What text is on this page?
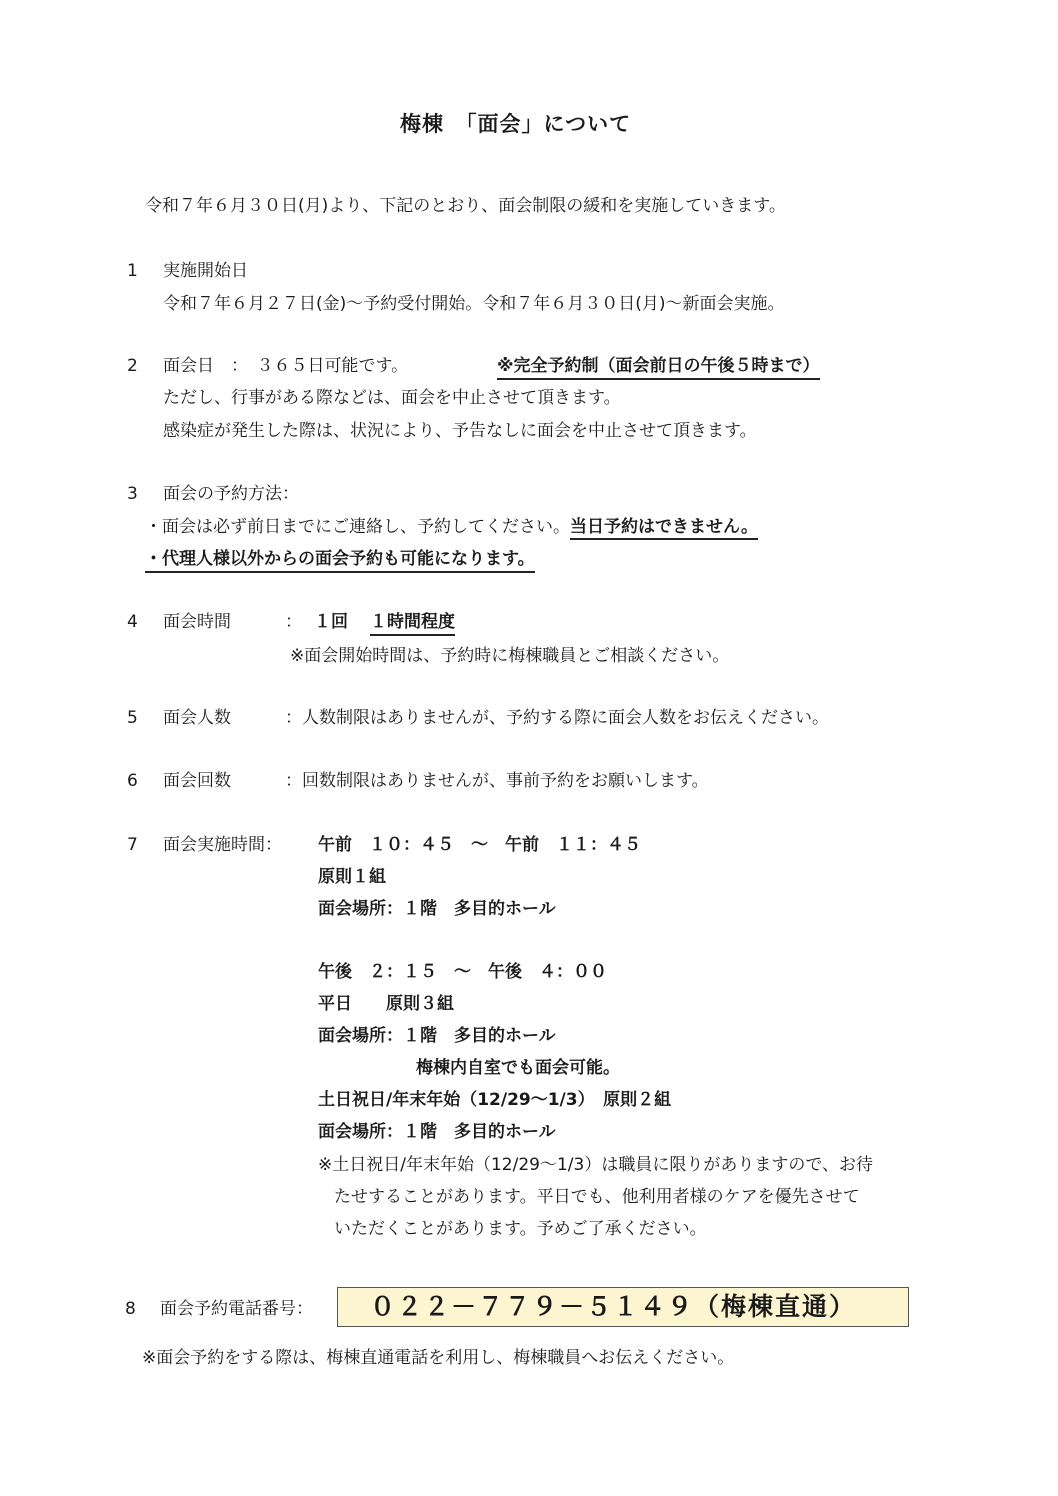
梅棟　「面会」について
令和７年６月３０日(月)より、下記のとおり、面会制限の緩和を実施していきます。
1 実施開始日
令和７年６月２７日(金)～予約受付開始。令和７年６月３０日(月)～新面会実施。
2 面会日　：　３６５日可能です。	※完全予約制（面会前日の午後５時まで）
ただし、行事がある際などは、面会を中止させて頂きます。
感染症が発生した際は、状況により、予告なしに面会を中止させて頂きます。
3 面会の予約方法：
・面会は必ず前日までにご連絡し、予約してください。当日予約はできません。
・代理人様以外からの面会予約も可能になります。
4 面会時間	： １回 １時間程度
※面会開始時間は、予約時に梅棟職員とご相談ください。
5 面会人数	：人数制限はありませんが、予約する際に面会人数をお伝えください。
6 面会回数	：回数制限はありませんが、事前予約をお願いします。
7 面会実施時間： 午前　１０：４５　～　午前　１１：４５
原則１組
面会場所：１階　多目的ホール
午後　２：１５　～　午後　４：００
平日　　原則３組
面会場所：１階　多目的ホール
梅棟内自室でも面会可能。
土日祝日/年末年始（12/29～1/3）　原則２組
面会場所：１階　多目的ホール
※土日祝日/年末年始（12/29～1/3）は職員に限りがありますので、お待
たせすることがあります。平日でも、他利用者様のケアを優先させて
いただくことがあります。予めご了承ください。
8 面会予約電話番号： ０２２－７７９－５１４９（梅棟直通）
※面会予約をする際は、梅棟直通電話を利用し、梅棟職員へお伝えください。
